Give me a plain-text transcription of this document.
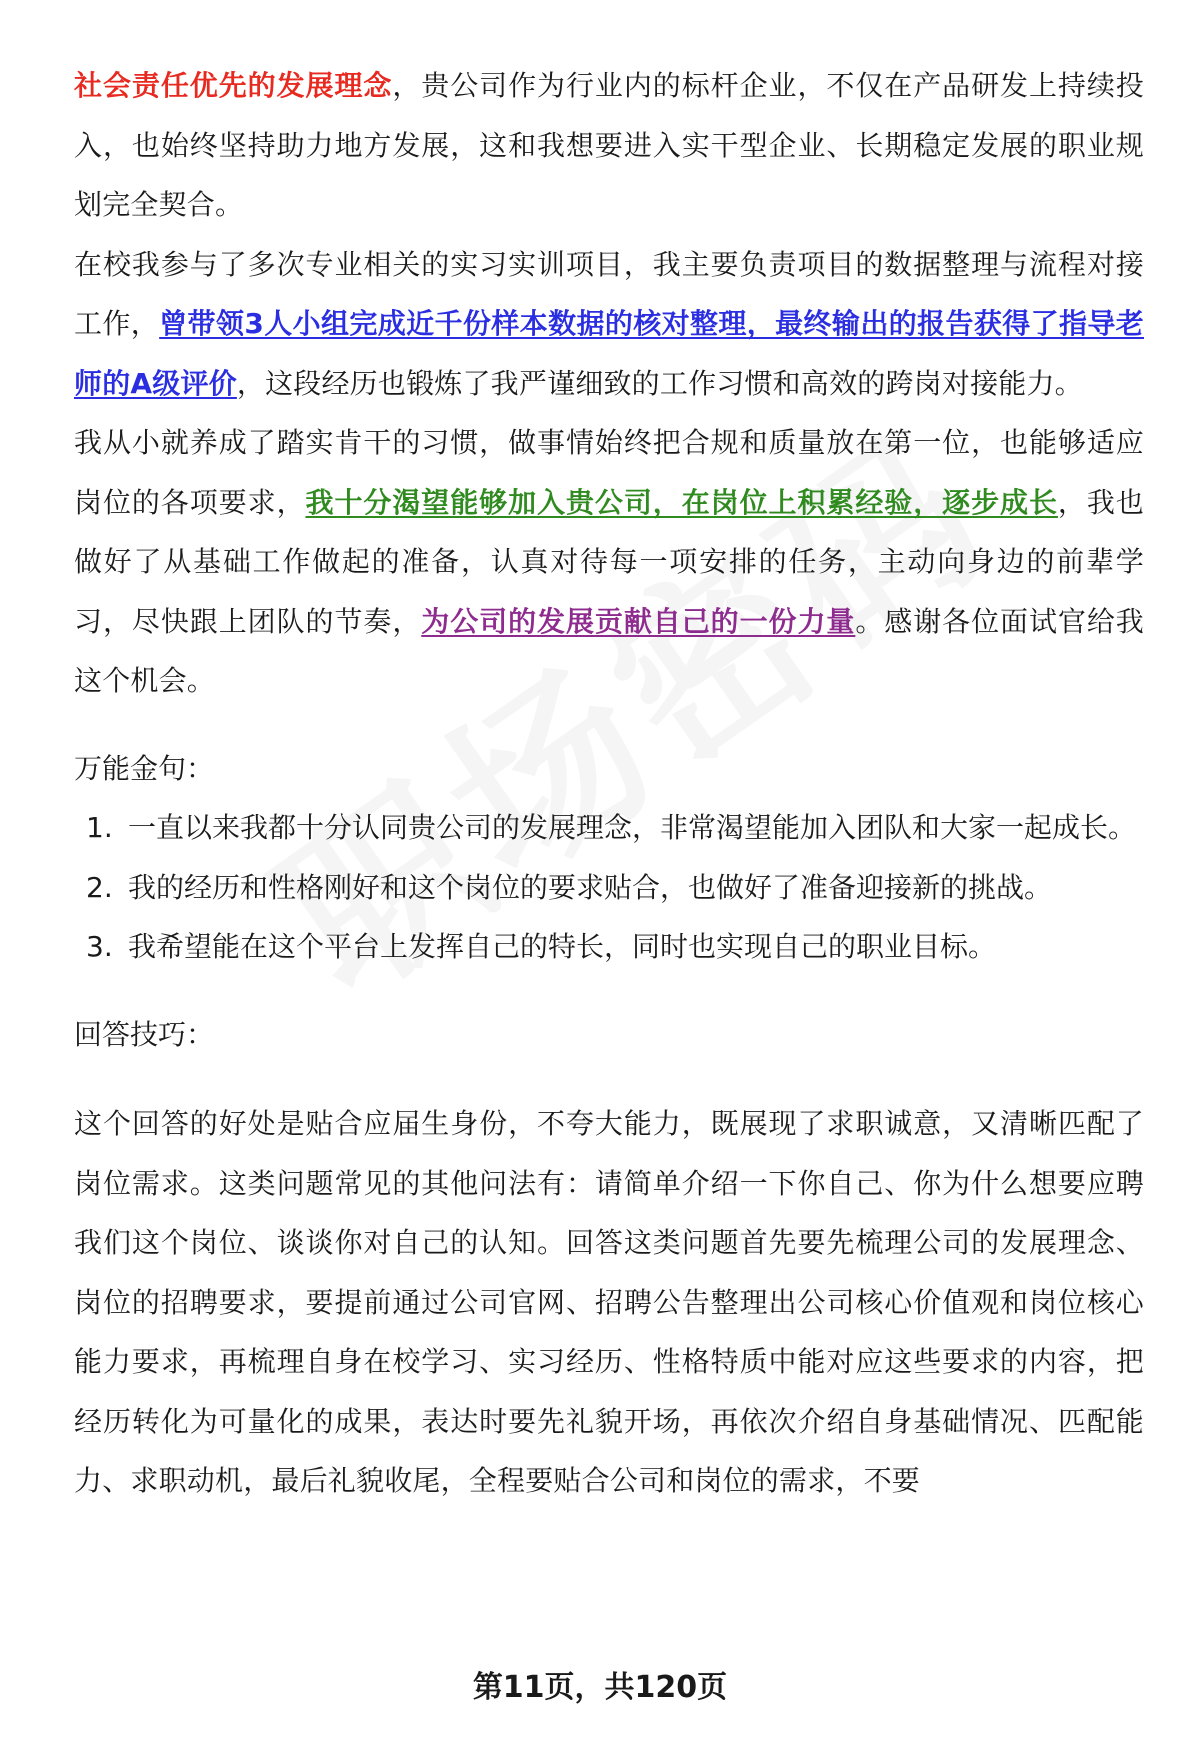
社会责任优先的发展理念，贵公司作为行业内的标杆企业，不仅在产品研发上持续投入，也始终坚持助力地方发展，这和我想要进入实干型企业、长期稳定发展的职业规划完全契合。

在校我参与了多次专业相关的实习实训项目，我主要负责项目的数据整理与流程对接工作，曾带领3人小组完成近千份样本数据的核对整理，最终输出的报告获得了指导老师的A级评价，这段经历也锻炼了我严谨细致的工作习惯和高效的跨岗对接能力。

我从小就养成了踏实肯干的习惯，做事情始终把合规和质量放在第一位，也能够适应岗位的各项要求，我十分渴望能够加入贵公司，在岗位上积累经验，逐步成长，我也做好了从基础工作做起的准备，认真对待每一项安排的任务，主动向身边的前辈学习，尽快跟上团队的节奏，为公司的发展贡献自己的一份力量。感谢各位面试官给我这个机会。

万能金句：

1. 一直以来我都十分认同贵公司的发展理念，非常渴望能加入团队和大家一起成长。
2. 我的经历和性格刚好和这个岗位的要求贴合，也做好了准备迎接新的挑战。
3. 我希望能在这个平台上发挥自己的特长，同时也实现自己的职业目标。

回答技巧：

这个回答的好处是贴合应届生身份，不夸大能力，既展现了求职诚意，又清晰匹配了岗位需求。这类问题常见的其他问法有：请简单介绍一下你自己、你为什么想要应聘我们这个岗位、谈谈你对自己的认知。回答这类问题首先要先梳理公司的发展理念、岗位的招聘要求，要提前通过公司官网、招聘公告整理出公司核心价值观和岗位核心能力要求，再梳理自身在校学习、实习经历、性格特质中能对应这些要求的内容，把经历转化为可量化的成果，表达时要先礼貌开场，再依次介绍自身基础情况、匹配能力、求职动机，最后礼貌收尾，全程要贴合公司和岗位的需求，不要

第11页，共120页
